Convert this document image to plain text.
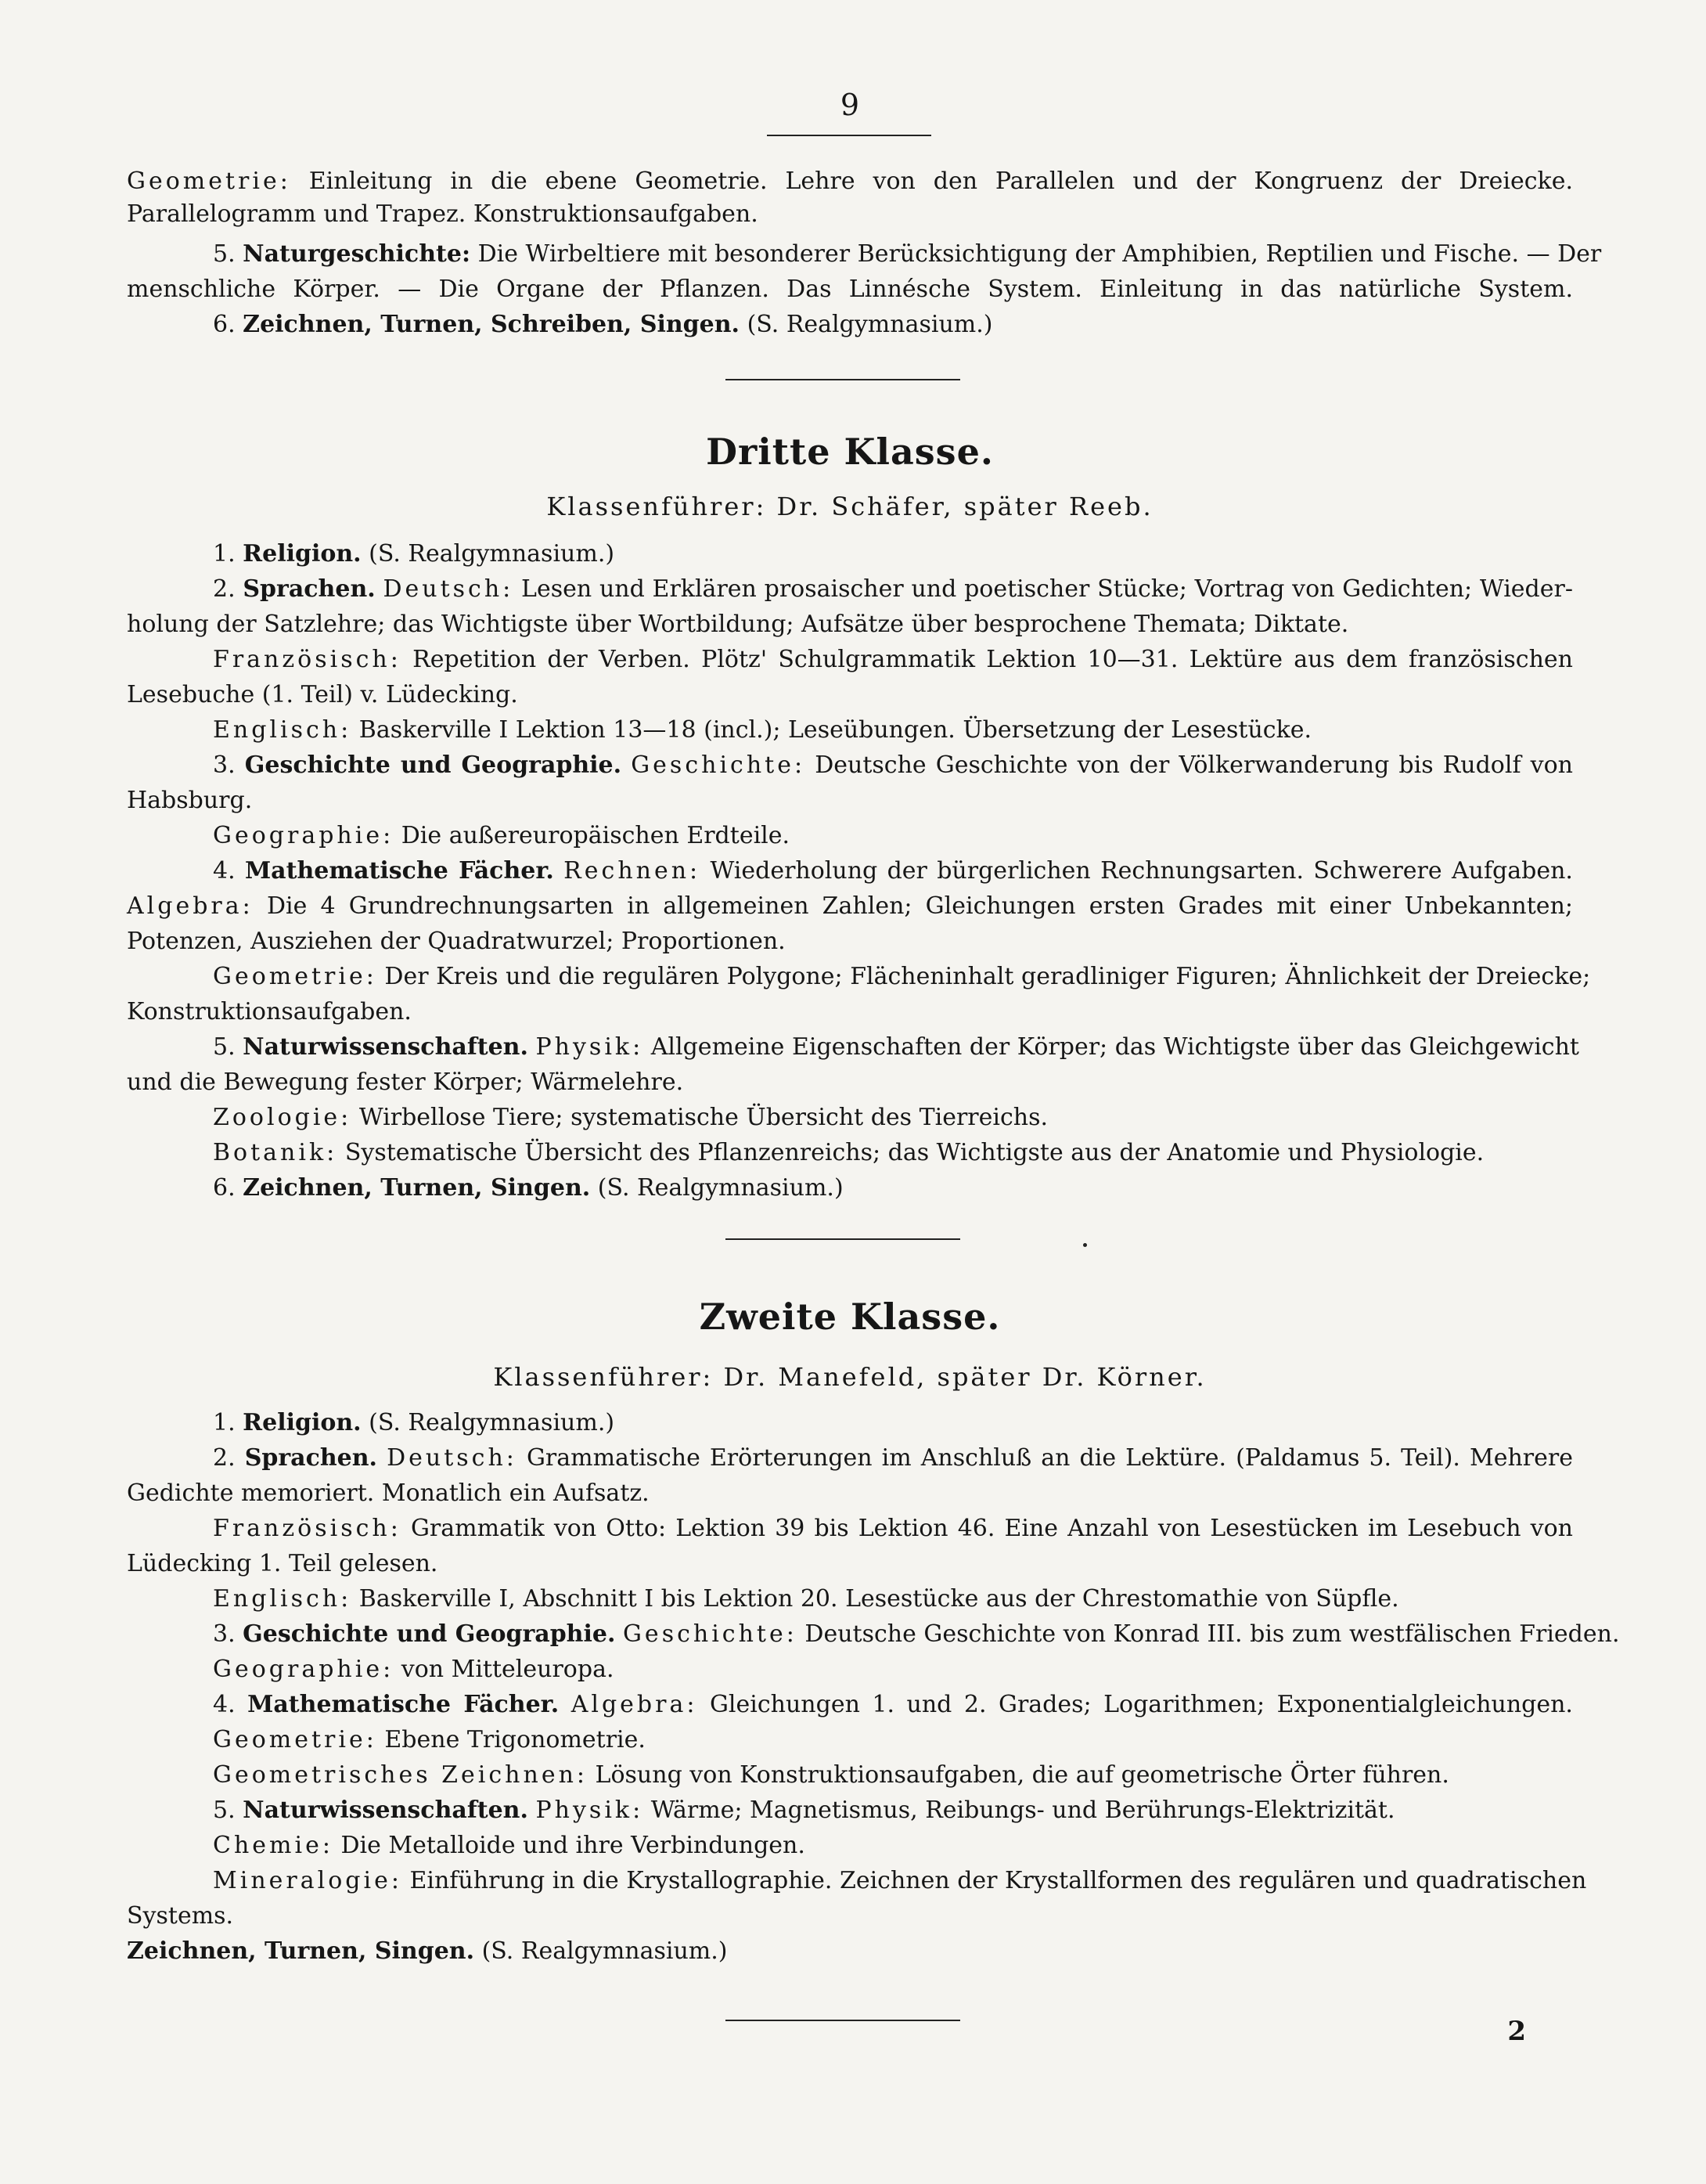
9
Geometrie: Einleitung in die ebene Geometrie. Lehre von den Parallelen und der Kongruenz der Dreiecke.
Parallelogramm und Trapez. Konstruktionsaufgaben.
5. Naturgeschichte: Die Wirbeltiere mit besonderer Berücksichtigung der Amphibien, Reptilien und Fische. — Der
menschliche Körper. — Die Organe der Pflanzen. Das Linnésche System. Einleitung in das natürliche System.
6. Zeichnen, Turnen, Schreiben, Singen. (S. Realgymnasium.)
Dritte Klasse.
Klassenführer: Dr. Schäfer, später Reeb.
1. Religion. (S. Realgymnasium.)
2. Sprachen. Deutsch: Lesen und Erklären prosaischer und poetischer Stücke; Vortrag von Gedichten; Wieder-
holung der Satzlehre; das Wichtigste über Wortbildung; Aufsätze über besprochene Themata; Diktate.
Französisch: Repetition der Verben. Plötz' Schulgrammatik Lektion 10—31. Lektüre aus dem französischen
Lesebuche (1. Teil) v. Lüdecking.
Englisch: Baskerville I Lektion 13—18 (incl.); Leseübungen. Übersetzung der Lesestücke.
3. Geschichte und Geographie. Geschichte: Deutsche Geschichte von der Völkerwanderung bis Rudolf von
Habsburg.
Geographie: Die außereuropäischen Erdteile.
4. Mathematische Fächer. Rechnen: Wiederholung der bürgerlichen Rechnungsarten. Schwerere Aufgaben.
Algebra: Die 4 Grundrechnungsarten in allgemeinen Zahlen; Gleichungen ersten Grades mit einer Unbekannten;
Potenzen, Ausziehen der Quadratwurzel; Proportionen.
Geometrie: Der Kreis und die regulären Polygone; Flächeninhalt geradliniger Figuren; Ähnlichkeit der Dreiecke;
Konstruktionsaufgaben.
5. Naturwissenschaften. Physik: Allgemeine Eigenschaften der Körper; das Wichtigste über das Gleichgewicht
und die Bewegung fester Körper; Wärmelehre.
Zoologie: Wirbellose Tiere; systematische Übersicht des Tierreichs.
Botanik: Systematische Übersicht des Pflanzenreichs; das Wichtigste aus der Anatomie und Physiologie.
6. Zeichnen, Turnen, Singen. (S. Realgymnasium.)
Zweite Klasse.
Klassenführer: Dr. Manefeld, später Dr. Körner.
1. Religion. (S. Realgymnasium.)
2. Sprachen. Deutsch: Grammatische Erörterungen im Anschluß an die Lektüre. (Paldamus 5. Teil). Mehrere
Gedichte memoriert. Monatlich ein Aufsatz.
Französisch: Grammatik von Otto: Lektion 39 bis Lektion 46. Eine Anzahl von Lesestücken im Lesebuch von
Lüdecking 1. Teil gelesen.
Englisch: Baskerville I, Abschnitt I bis Lektion 20. Lesestücke aus der Chrestomathie von Süpfle.
3. Geschichte und Geographie. Geschichte: Deutsche Geschichte von Konrad III. bis zum westfälischen Frieden.
Geographie: von Mitteleuropa.
4. Mathematische Fächer. Algebra: Gleichungen 1. und 2. Grades; Logarithmen; Exponentialgleichungen.
Geometrie: Ebene Trigonometrie.
Geometrisches Zeichnen: Lösung von Konstruktionsaufgaben, die auf geometrische Örter führen.
5. Naturwissenschaften. Physik: Wärme; Magnetismus, Reibungs- und Berührungs-Elektrizität.
Chemie: Die Metalloide und ihre Verbindungen.
Mineralogie: Einführung in die Krystallographie. Zeichnen der Krystallformen des regulären und quadratischen
Systems.
Zeichnen, Turnen, Singen. (S. Realgymnasium.)
2
